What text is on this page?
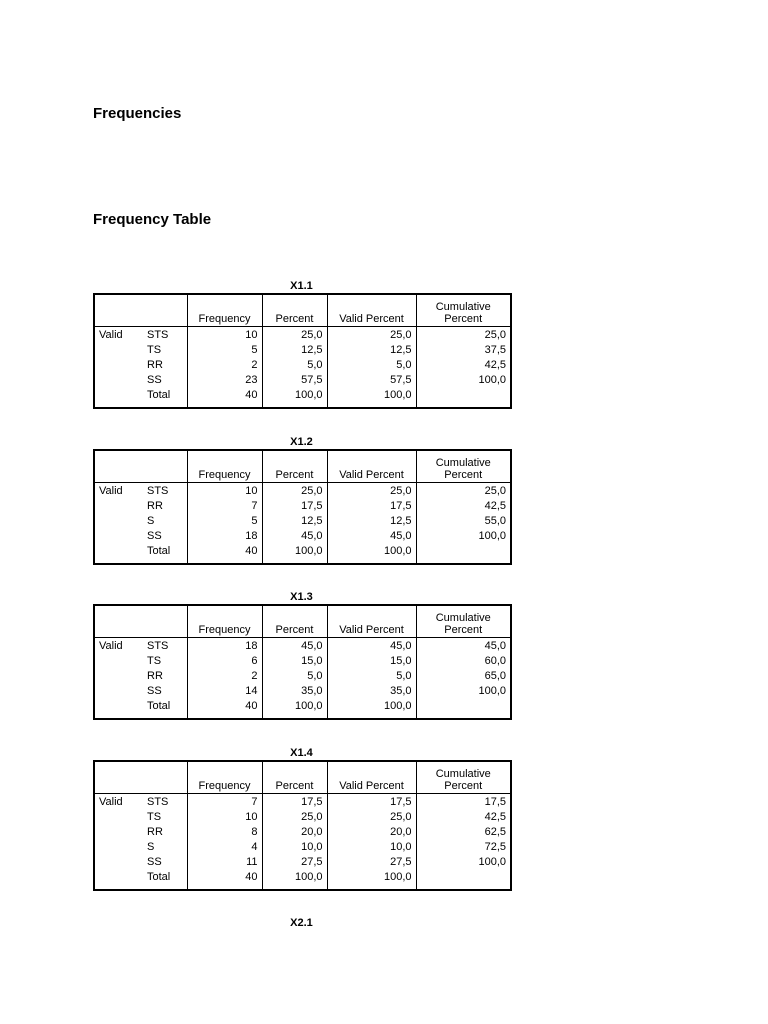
Frequencies
Frequency Table

X1.1

		Frequency	Percent	Valid Percent	Cumulative
Percent
Valid	STS	10	25,0	25,0	25,0
	TS	5	12,5	12,5	37,5
	RR	2	5,0	5,0	42,5
	SS	23	57,5	57,5	100,0
	Total	40	100,0	100,0	

X1.2

		Frequency	Percent	Valid Percent	Cumulative
Percent
Valid	STS	10	25,0	25,0	25,0
	RR	7	17,5	17,5	42,5
	S	5	12,5	12,5	55,0
	SS	18	45,0	45,0	100,0
	Total	40	100,0	100,0	

X1.3

		Frequency	Percent	Valid Percent	Cumulative
Percent
Valid	STS	18	45,0	45,0	45,0
	TS	6	15,0	15,0	60,0
	RR	2	5,0	5,0	65,0
	SS	14	35,0	35,0	100,0
	Total	40	100,0	100,0	

X1.4

		Frequency	Percent	Valid Percent	Cumulative
Percent
Valid	STS	7	17,5	17,5	17,5
	TS	10	25,0	25,0	42,5
	RR	8	20,0	20,0	62,5
	S	4	10,0	10,0	72,5
	SS	11	27,5	27,5	100,0
	Total	40	100,0	100,0	

X2.1
